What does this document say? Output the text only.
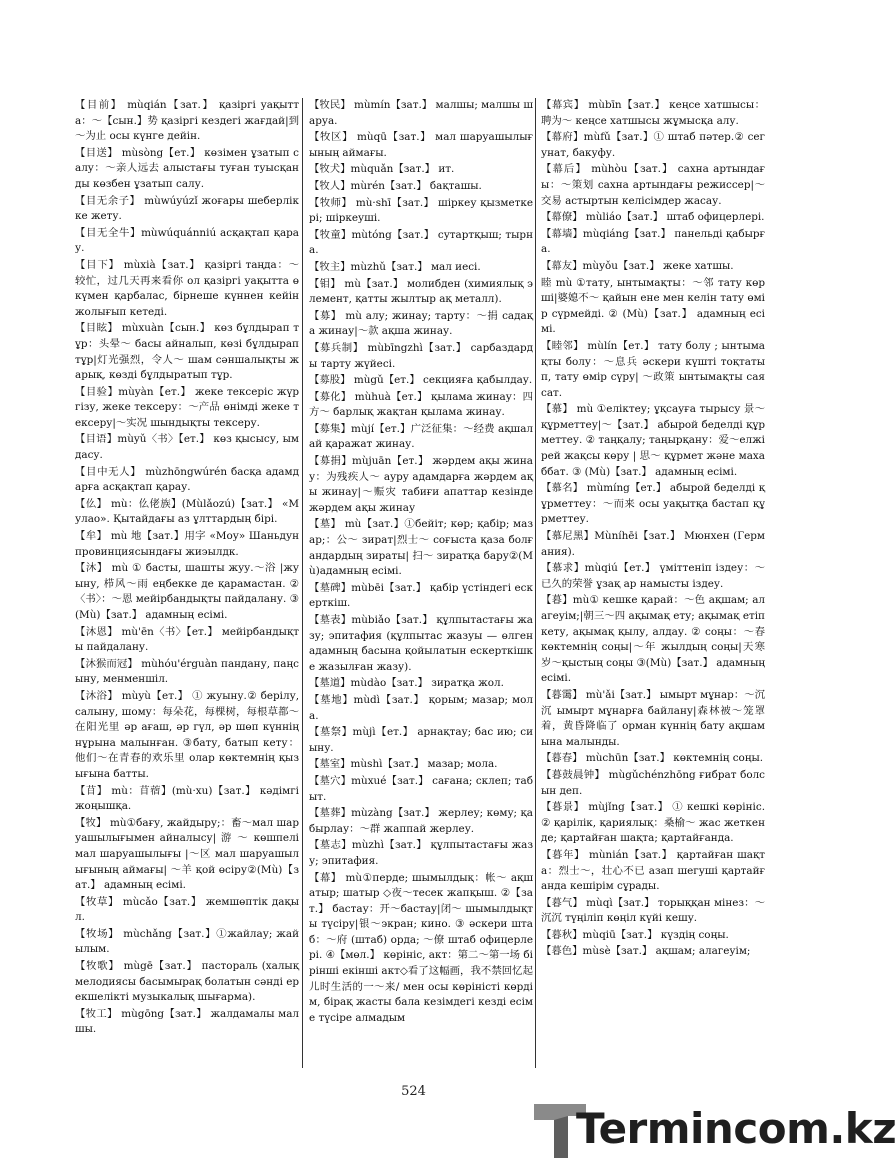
【目前】 mùqián【зат.】 қазіргі уақытта：～【сын.】势 қазіргі кездегі жағдай|到～为止 осы күнге дейін.
【目送】 mùsòng【ет.】 көзімен ұзатып салу：～亲人远去 алыстағы туған туысқанды көзбен ұзатып салу.
【目无余子】 mùwúyúzǐ жоғары шеберлікке жету.
【目无全牛】mùwúquánniú асқақтап қарау.
【目下】 mùxià【зат.】 қазіргі таңда：～较忙，过几天再来看你 ол қазіргі уақытта өкүмен қарбалас, бірнеше күннен кейін жолығып кетеді.
【目眩】 mùxuàn【сын.】 көз бұлдырап тұр：头晕～ басы айналып, көзі бұлдырап тұр|灯光强烈，令人～ шам сәншалықты жарық, көзді бұлдыратып тұр.
【目验】mùyàn【ет.】 жеке тексеріс жүргізу, жеке тексеру：～产品 өнімді жеке тексеру|～实况 шындықты тексеру.
【目语】mùyǔ〈书〉【ет.】 көз қысысу, ымдасу.
【目中无人】 mùzhōngwúrén басқа адамдарға асқақтап қарау.
【仫】 mù：仫佬族】(Mùlǎozú)【зат.】 «Мулао». Қытайдағы аз ұлттардың бірі.
【牟】 mù 地【зат.】用字 «Моу» Шаньдун провинциясындағы жиэылдк.
【沐】 mù ① басты, шашты жуу.～浴 |жуыну, 栉风～雨 еңбекке де қарамастан. ②〈书〉：～恩 мейірбандықты пайдалану. ③ (Mù)【зат.】 адамның есімі.
【沐恩】 mù'ēn〈书〉【ет.】 мейірбандықты пайдалану.
【沐猴而冠】 mùhóu'érguàn пандану, паңсыну, менменшіл.
【沐浴】 mùyù【ет.】 ① жуыну.② берілу, салыну, шому：每朵花，每棵树，每根草都～在阳光里 әр ағаш, әр гүл, әр шөп күннің нұрына малынған. ③бату, батып кету：他们～在青春的欢乐里 олар көктемнің қызығына батты.
【苜】 mù：苜蓿】(mù·xu)【зат.】 кәдімгі жоңышқа.
【牧】 mù①бағу, жайдыру;：畜～мал шаруашылығымен айналысу| 游 ～ көшпелі мал шаруашылығы |～区 мал шаруашылығының аймағы| ～羊 қой өсіру②(Mù)【зат.】 адамның есімі.
【牧草】 mùcǎo【зат.】 жемшөптік дақыл.
【牧场】 mùchǎng【зат.】①жайлау; жайылым.
【牧歌】 mùgē【зат.】 пастораль (халық мелодиясы басымырақ болатын сәнді ерекшелікті музыкалық шығарма).
【牧工】 mùgōng【зат.】 жалдамалы малшы.
【牧民】 mùmín【зат.】 малшы; малшы шаруа.
【牧区】 mùqū【зат.】 мал шаруашылығының аймағы.
【牧犬】mùquǎn【зат.】 ит.
【牧人】mùrén【зат.】 бақташы.
【牧师】 mù·shī【зат.】 шіркеу қызметкері; шіркеуші.
【牧童】mùtóng【зат.】 сутартқыш; тырна.
【牧主】mùzhǔ【зат.】 мал иесі.
【钼】 mù【зат.】 молибден (химиялық элемент, қатты жылтыр ақ металл).
【募】 mù алу; жинау; тартy：～捐 садақа жинау|～款 ақша жинау.
【募兵制】 mùbīngzhì【зат.】 сарбаздарды тарту жүйесі.
【募股】 mùgǔ【ет.】 секцияға қабылдау.
【募化】 mùhuà【ет.】 қылама жинау：四方～ барлық жақтан қылама жинау.
【募集】mùjí【ет.】广泛征集：～经费 ақшалай қаражат жинау.
【募捐】mùjuān【ет.】 жәрдем ақы жинау：为残疾人～ аурy адамдарға жәрдем ақы жинау|～赈灾 табиғи апаттар кезінде жәрдем ақы жинау
【墓】 mù【зат.】①бейіт; көр; қабір; мазар;：公～ зират|烈士～ соғыста қаза болғандардың зираты| 扫～ зиратқа бару②(Mù)адамның есімі.
【墓碑】mùbēi【зат.】 қабір үстіндегі ескерткіш.
【墓表】mùbiǎo【зат.】 құлпытастағы жазу; эпитафия (құлпытас жазуы — өлген адамның басына қойылатын ескерткішке жазылған жазу).
【墓道】mùdào【зат.】 зиратқа жол.
【墓地】mùdì【зат.】 қорым; мазар; мола.
【墓祭】mùjì【ет.】 арнақтау; бас ию; сиыну.
【墓室】mùshì【зат.】 мазар; мола.
【墓穴】mùxué【зат.】 сағана; склеп; табыт.
【墓葬】mùzàng【зат.】 жерлеу; көму; қабырлау：～群 жаппай жерлеу.
【墓志】mùzhì【зат.】 құлпытастағы жазу; эпитафия.
【幕】 mù①перде; шымылдық：帐～ ақшатыр; шатыр ◇夜～тесек жапқыш. ②【зат.】 бастау：开～бастау|闭～ шымылдықты түсіру|银～экран; кино. ③ әскери штаб：～府 (штаб) орда; ～僚 штаб офицерлері. ④【мөл.】 көрініс, акт：第二～第一场 бірінші екінші акт◇看了这幅画，我不禁回忆起儿时生活的一～来/ мен осы көріністі көрдім, бірақ жасты бала кезімдегі кезді есіме түсіре алмадым
【幕宾】 mùbīn【зат.】 кеңсе хатшысы：聘为～ кеңсе хатшысы жұмысқа алу.
【幕府】mùfǔ【зат.】① штаб пәтер.② сегунат, бакуфу.
【幕后】 mùhòu【зат.】 сахна артындағы：～策划 сахна артындағы режиссер|～交易 астыртын келісімдер жасау.
【幕僚】 mùliáo【зат.】 штаб офицерлерi.
【幕墙】mùqiáng【зат.】 панельді қабырға.
【幕友】mùyǒu【зат.】 жеке хатшы.
睦 mù ①тату, ынтымақты：～邻 тату көрші|婆媳不～ қайын ене мен келін тату өмір сүрмейді. ② (Mù)【зат.】 адамның есімі.
【睦邻】 mùlín【ет.】 тату болу ; ынтымақты болу：～息兵 әскери күшті тоқтатып, тату өмір сүру| ～政策 ынтымақты саясат.
【慕】 mù ①еліктеу; ұқсауға тырысу 景～ құрметтеу|～【зат.】 абырой беделді құрметтеу. ② таңқалу; таңырқану：爱～елжірей жақсы көру | 思～ құрмет және махаббат. ③ (Mù)【зат.】 адамның есімі.
【慕名】 mùmíng【ет.】 абырой беделді құрметтеу：～而来 осы уақытқа бастап құрметтеу.
【慕尼黑】Mùníhēi【зат.】 Мюнхен (Германия).
【慕求】mùqiú【ет.】 үміттеніп іздеу：～已久的荣誉 ұзақ ар намысты іздеу.
【暮】mù① кешке қарай：～色 ақшам; алагеуім;|朝三～四 ақымақ ету; ақымақ етіп кету, ақымақ қылу, алдау. ② соңы：～春 көктемнің соңы|～年 жылдың соңы|天寒岁～қыстың соңы ③(Mù)【зат.】 адамның есімі.
【暮霭】 mù'ǎi【зат.】 ымырт мұнар：～沉沉 ымырт мұнарға байлану|森林被～笼罩着，黄昏降临了 орман күннің бату ақшамына малынды.
【暮春】 mùchūn【зат.】 көктемнің соңы.
【暮鼓晨钟】 mùgǔchénzhōng ғибрат болсын деп.
【暮景】 mùjǐng【зат.】 ① кешкі көрініс. ② қарілік, қариялық：桑榆～ жас жеткенде; қартайған шақта; қартайғанда.
【暮年】 mùnián【зат.】 қартайған шақта：烈士～，壮心不已 азап шегуші қартайғанда кешірім сұрады.
【暮气】 mùqì【зат.】 торыққан мінез：～沉沉 түңіліп көңіл күйі кешу.
【暮秋】mùqiū【зат.】 күздің соңы.
【暮色】mùsè【зат.】 ақшам; алагеуім;
524
Termincom.kz
